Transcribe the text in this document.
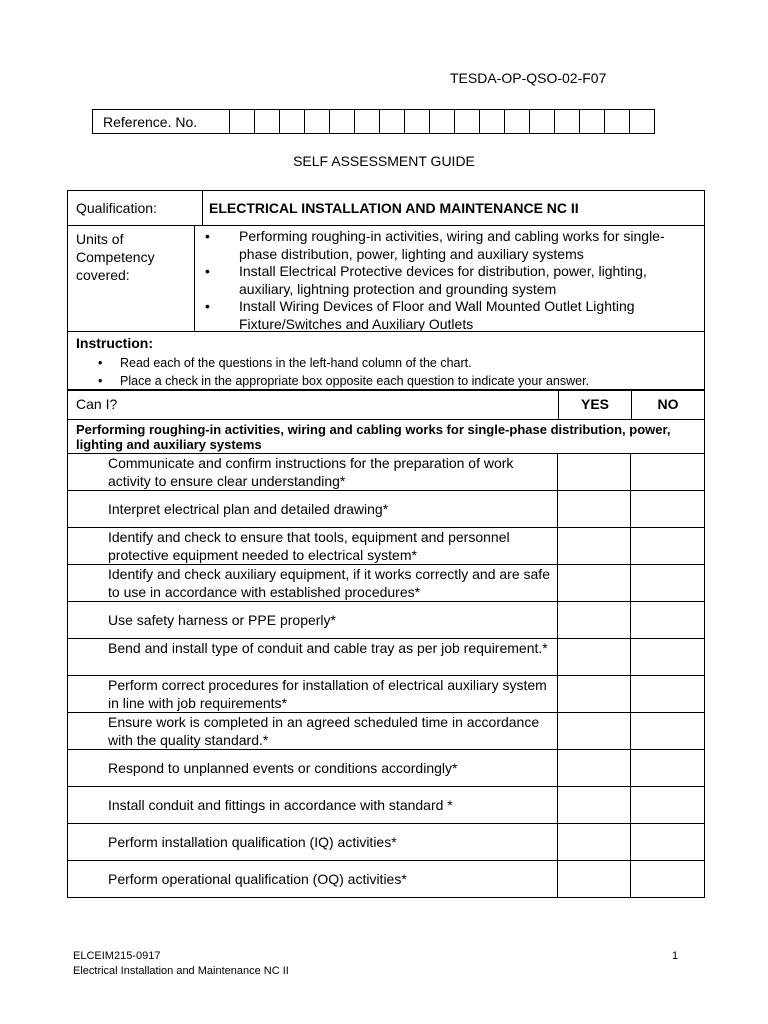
TESDA-OP-QSO-02-F07
Reference. No.																	
SELF ASSESSMENT GUIDE
Qualification:	ELECTRICAL INSTALLATION AND MAINTENANCE NC II
Units of Competency covered:
•	Performing roughing-in activities, wiring and cabling works for single-phase distribution, power, lighting and auxiliary systems
•	Install Electrical Protective devices for distribution, power, lighting, auxiliary, lightning protection and grounding system
•	Install Wiring Devices of Floor and Wall Mounted Outlet Lighting Fixture/Switches and Auxiliary Outlets
Instruction:
• Read each of the questions in the left-hand column of the chart.
• Place a check in the appropriate box opposite each question to indicate your answer.
Can I?	YES	NO
Performing roughing-in activities, wiring and cabling works for single-phase distribution, power, lighting and auxiliary systems
Communicate and confirm instructions for the preparation of work activity to ensure clear understanding*
Interpret electrical plan and detailed drawing*
Identify and check to ensure that tools, equipment and personnel protective equipment needed to electrical system*
Identify and check auxiliary equipment, if it works correctly and are safe to use in accordance with established procedures*
Use safety harness or PPE properly*
Bend and install type of conduit and cable tray as per job requirement.*
Perform correct procedures for installation of electrical auxiliary system in line with job requirements*
Ensure work is completed in an agreed scheduled time in accordance with the quality standard.*
Respond to unplanned events or conditions accordingly*
Install conduit and fittings in accordance with standard *
Perform installation qualification (IQ) activities*
Perform operational qualification (OQ) activities*
ELCEIM215-0917
Electrical Installation and Maintenance NC II
1
